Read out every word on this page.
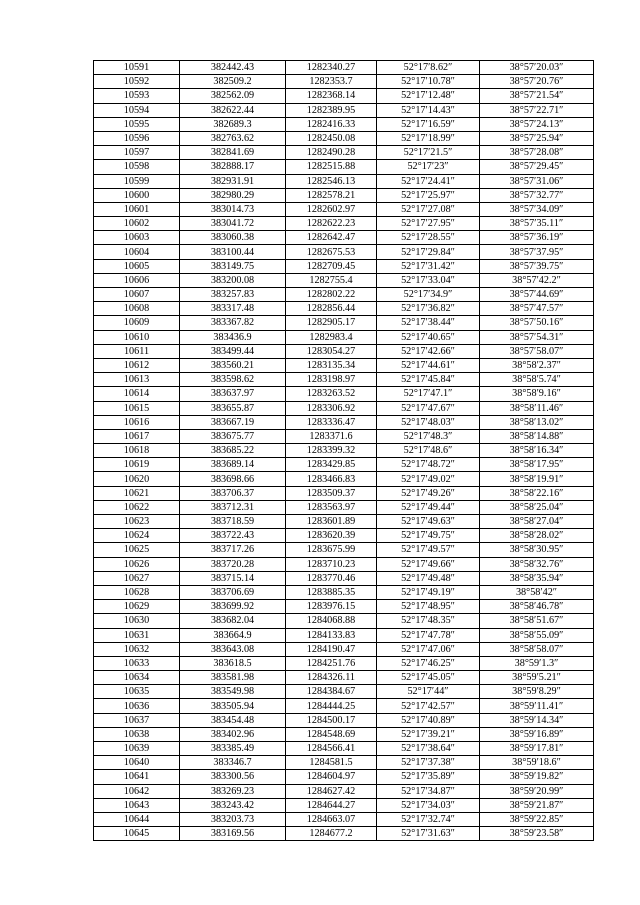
10591	382442.43	1282340.27	52°17′8.62″	38°57′20.03″
10592	382509.2	1282353.7	52°17′10.78″	38°57′20.76″
10593	382562.09	1282368.14	52°17′12.48″	38°57′21.54″
10594	382622.44	1282389.95	52°17′14.43″	38°57′22.71″
10595	382689.3	1282416.33	52°17′16.59″	38°57′24.13″
10596	382763.62	1282450.08	52°17′18.99″	38°57′25.94″
10597	382841.69	1282490.28	52°17′21.5″	38°57′28.08″
10598	382888.17	1282515.88	52°17′23″	38°57′29.45″
10599	382931.91	1282546.13	52°17′24.41″	38°57′31.06″
10600	382980.29	1282578.21	52°17′25.97″	38°57′32.77″
10601	383014.73	1282602.97	52°17′27.08″	38°57′34.09″
10602	383041.72	1282622.23	52°17′27.95″	38°57′35.11″
10603	383060.38	1282642.47	52°17′28.55″	38°57′36.19″
10604	383100.44	1282675.53	52°17′29.84″	38°57′37.95″
10605	383149.75	1282709.45	52°17′31.42″	38°57′39.75″
10606	383200.08	1282755.4	52°17′33.04″	38°57′42.2″
10607	383257.83	1282802.22	52°17′34.9″	38°57′44.69″
10608	383317.48	1282856.44	52°17′36.82″	38°57′47.57″
10609	383367.82	1282905.17	52°17′38.44″	38°57′50.16″
10610	383436.9	1282983.4	52°17′40.65″	38°57′54.31″
10611	383499.44	1283054.27	52°17′42.66″	38°57′58.07″
10612	383560.21	1283135.34	52°17′44.61″	38°58′2.37″
10613	383598.62	1283198.97	52°17′45.84″	38°58′5.74″
10614	383637.97	1283263.52	52°17′47.1″	38°58′9.16″
10615	383655.87	1283306.92	52°17′47.67″	38°58′11.46″
10616	383667.19	1283336.47	52°17′48.03″	38°58′13.02″
10617	383675.77	1283371.6	52°17′48.3″	38°58′14.88″
10618	383685.22	1283399.32	52°17′48.6″	38°58′16.34″
10619	383689.14	1283429.85	52°17′48.72″	38°58′17.95″
10620	383698.66	1283466.83	52°17′49.02″	38°58′19.91″
10621	383706.37	1283509.37	52°17′49.26″	38°58′22.16″
10622	383712.31	1283563.97	52°17′49.44″	38°58′25.04″
10623	383718.59	1283601.89	52°17′49.63″	38°58′27.04″
10624	383722.43	1283620.39	52°17′49.75″	38°58′28.02″
10625	383717.26	1283675.99	52°17′49.57″	38°58′30.95″
10626	383720.28	1283710.23	52°17′49.66″	38°58′32.76″
10627	383715.14	1283770.46	52°17′49.48″	38°58′35.94″
10628	383706.69	1283885.35	52°17′49.19″	38°58′42″
10629	383699.92	1283976.15	52°17′48.95″	38°58′46.78″
10630	383682.04	1284068.88	52°17′48.35″	38°58′51.67″
10631	383664.9	1284133.83	52°17′47.78″	38°58′55.09″
10632	383643.08	1284190.47	52°17′47.06″	38°58′58.07″
10633	383618.5	1284251.76	52°17′46.25″	38°59′1.3″
10634	383581.98	1284326.11	52°17′45.05″	38°59′5.21″
10635	383549.98	1284384.67	52°17′44″	38°59′8.29″
10636	383505.94	1284444.25	52°17′42.57″	38°59′11.41″
10637	383454.48	1284500.17	52°17′40.89″	38°59′14.34″
10638	383402.96	1284548.69	52°17′39.21″	38°59′16.89″
10639	383385.49	1284566.41	52°17′38.64″	38°59′17.81″
10640	383346.7	1284581.5	52°17′37.38″	38°59′18.6″
10641	383300.56	1284604.97	52°17′35.89″	38°59′19.82″
10642	383269.23	1284627.42	52°17′34.87″	38°59′20.99″
10643	383243.42	1284644.27	52°17′34.03″	38°59′21.87″
10644	383203.73	1284663.07	52°17′32.74″	38°59′22.85″
10645	383169.56	1284677.2	52°17′31.63″	38°59′23.58″
